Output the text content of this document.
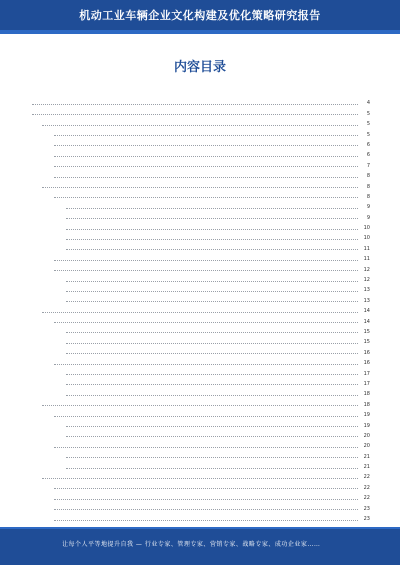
机动工业车辆企业文化构建及优化策略研究报告
内容目录
4
5
5
5
6
6
7
8
8
8
9
9
10
10
11
11
12
12
13
13
14
14
15
15
16
16
17
17
18
18
19
19
20
20
21
21
22
22
22
23
23
让每个人平等地提升自我 — 行业专家、管理专家、营销专家、战略专家、成功企业家……
